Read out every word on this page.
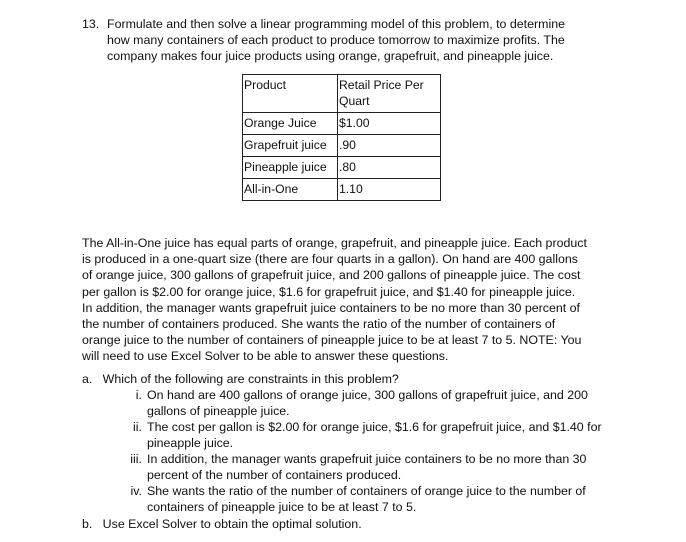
13. Formulate and then solve a linear programming model of this problem, to determine
how many containers of each product to produce tomorrow to maximize profits. The
company makes four juice products using orange, grapefruit, and pineapple juice.
Product	Retail Price Per
Quart
Orange Juice	$1.00
Grapefruit juice	.90
Pineapple juice	.80
All-in-One	1.10
The All-in-One juice has equal parts of orange, grapefruit, and pineapple juice. Each product
is produced in a one-quart size (there are four quarts in a gallon). On hand are 400 gallons
of orange juice, 300 gallons of grapefruit juice, and 200 gallons of pineapple juice. The cost
per gallon is $2.00 for orange juice, $1.6 for grapefruit juice, and $1.40 for pineapple juice.
In addition, the manager wants grapefruit juice containers to be no more than 30 percent of
the number of containers produced. She wants the ratio of the number of containers of
orange juice to the number of containers of pineapple juice to be at least 7 to 5. NOTE: You
will need to use Excel Solver to be able to answer these questions.
a. Which of the following are constraints in this problem?
i. On hand are 400 gallons of orange juice, 300 gallons of grapefruit juice, and 200
gallons of pineapple juice.
ii. The cost per gallon is $2.00 for orange juice, $1.6 for grapefruit juice, and $1.40 for
pineapple juice.
iii. In addition, the manager wants grapefruit juice containers to be no more than 30
percent of the number of containers produced.
iv. She wants the ratio of the number of containers of orange juice to the number of
containers of pineapple juice to be at least 7 to 5.
b. Use Excel Solver to obtain the optimal solution.
